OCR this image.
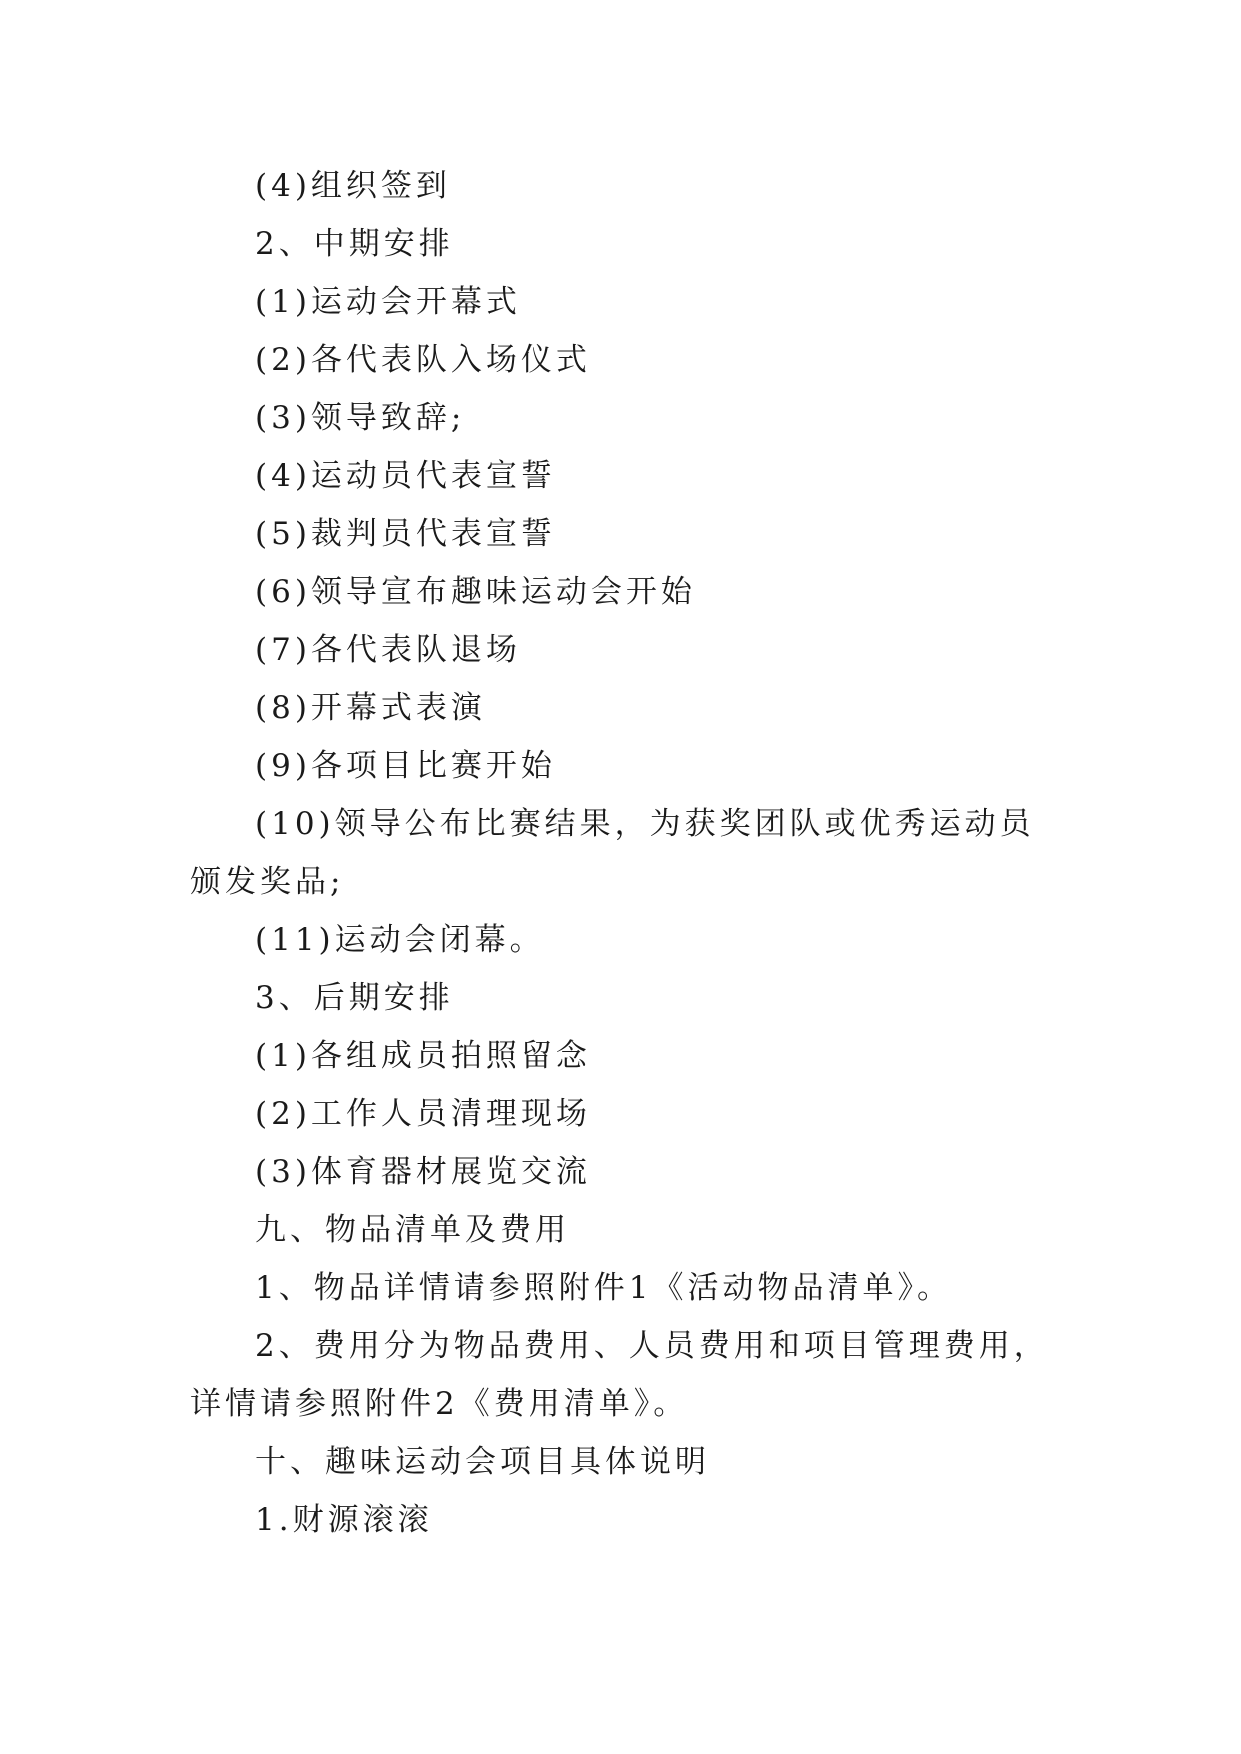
(4)组织签到

2、中期安排

(1)运动会开幕式

(2)各代表队入场仪式

(3)领导致辞;

(4)运动员代表宣誓

(5)裁判员代表宣誓

(6)领导宣布趣味运动会开始

(7)各代表队退场

(8)开幕式表演

(9)各项目比赛开始

(10)领导公布比赛结果，为获奖团队或优秀运动员颁发奖品;

(11)运动会闭幕。

3、后期安排

(1)各组成员拍照留念

(2)工作人员清理现场

(3)体育器材展览交流

九、物品清单及费用

1、物品详情请参照附件1《活动物品清单》。

2、费用分为物品费用、人员费用和项目管理费用，详情请参照附件2《费用清单》。

十、趣味运动会项目具体说明

1.财源滚滚
